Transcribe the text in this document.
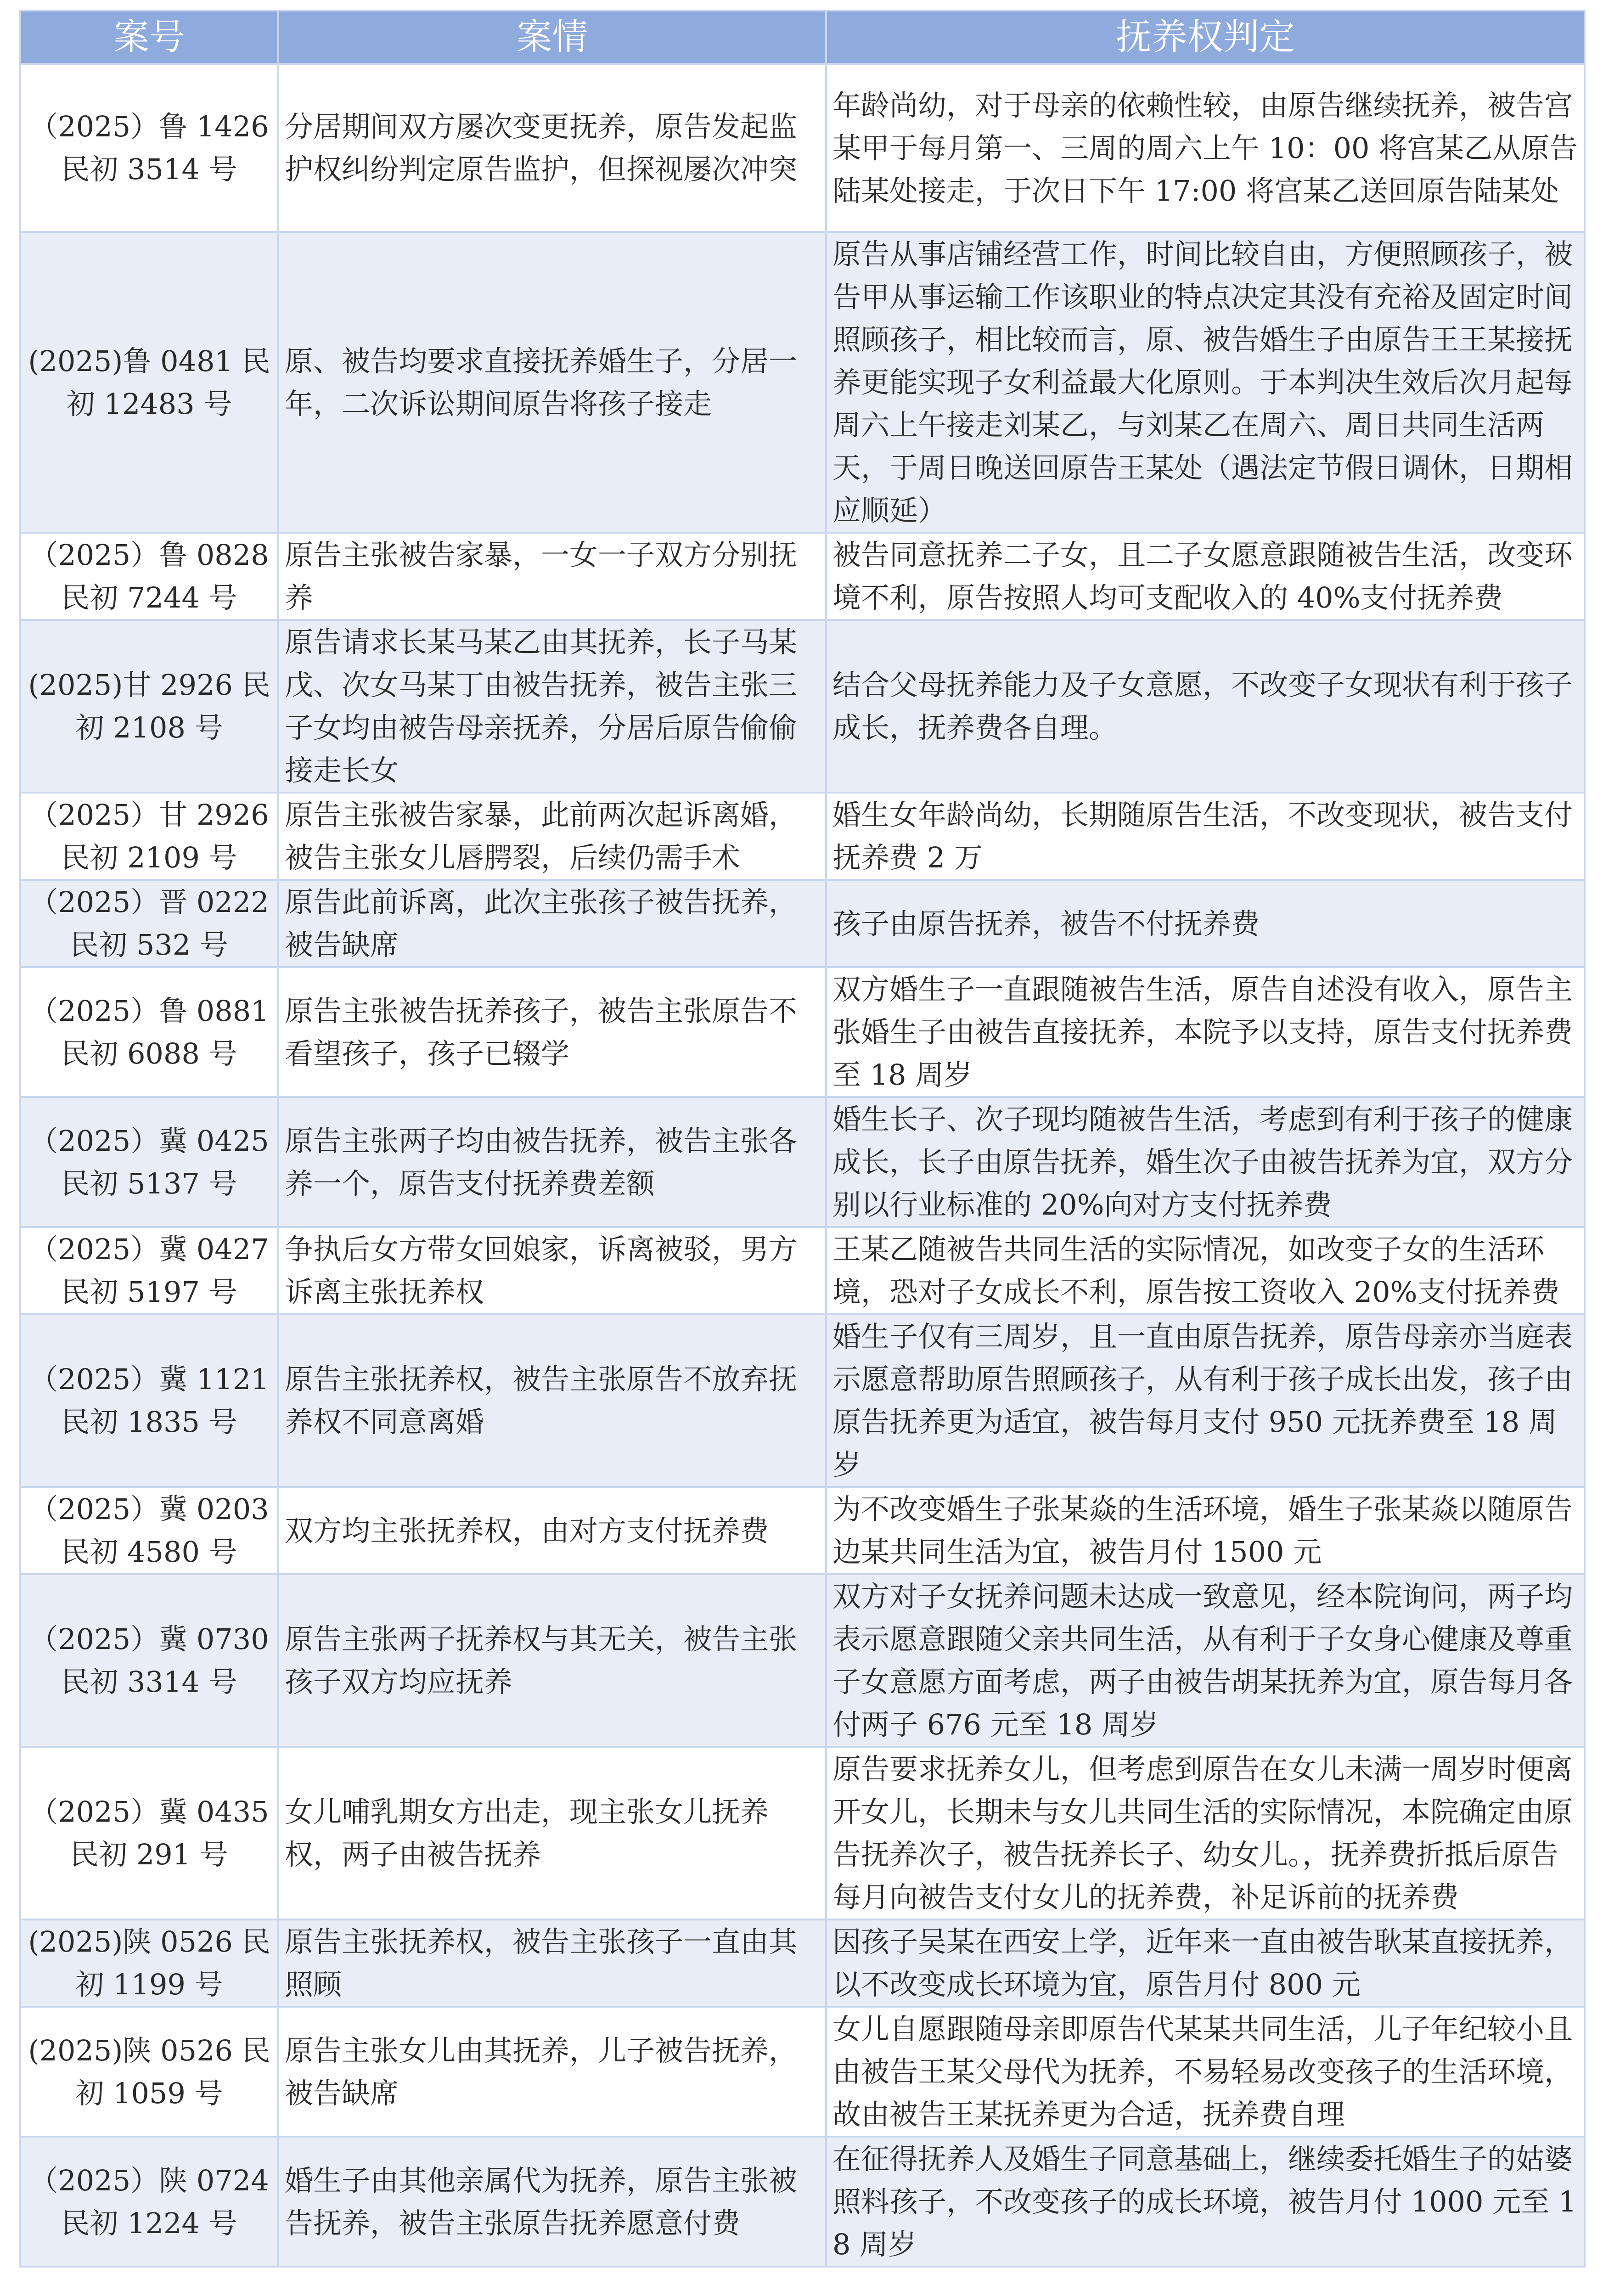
案号	案情	抚养权判定
（2025）鲁 1426 民初 3514 号	分居期间双方屡次变更抚养，原告发起监护权纠纷判定原告监护，但探视屡次冲突	年龄尚幼，对于母亲的依赖性较，由原告继续抚养，被告宫某甲于每月第一、三周的周六上午 10：00 将宫某乙从原告陆某处接走，于次日下午 17:00 将宫某乙送回原告陆某处
(2025)鲁 0481 民初 12483 号	原、被告均要求直接抚养婚生子，分居一年，二次诉讼期间原告将孩子接走	原告从事店铺经营工作，时间比较自由，方便照顾孩子，被告甲从事运输工作该职业的特点决定其没有充裕及固定时间照顾孩子，相比较而言，原、被告婚生子由原告王王某接抚养更能实现子女利益最大化原则。于本判决生效后次月起每周六上午接走刘某乙，与刘某乙在周六、周日共同生活两天，于周日晚送回原告王某处（遇法定节假日调休，日期相应顺延）
（2025）鲁 0828 民初 7244 号	原告主张被告家暴，一女一子双方分别抚养	被告同意抚养二子女，且二子女愿意跟随被告生活，改变环境不利，原告按照人均可支配收入的 40%支付抚养费
(2025)甘 2926 民初 2108 号	原告请求长某马某乙由其抚养，长子马某戊、次女马某丁由被告抚养，被告主张三子女均由被告母亲抚养，分居后原告偷偷接走长女	结合父母抚养能力及子女意愿，不改变子女现状有利于孩子成长，抚养费各自理。
（2025）甘 2926 民初 2109 号	原告主张被告家暴，此前两次起诉离婚，被告主张女儿唇腭裂，后续仍需手术	婚生女年龄尚幼，长期随原告生活，不改变现状，被告支付抚养费 2 万
（2025）晋 0222 民初 532 号	原告此前诉离，此次主张孩子被告抚养，被告缺席	孩子由原告抚养，被告不付抚养费
（2025）鲁 0881 民初 6088 号	原告主张被告抚养孩子，被告主张原告不看望孩子，孩子已辍学	双方婚生子一直跟随被告生活，原告自述没有收入，原告主张婚生子由被告直接抚养，本院予以支持，原告支付抚养费至 18 周岁
（2025）冀 0425 民初 5137 号	原告主张两子均由被告抚养，被告主张各养一个，原告支付抚养费差额	婚生长子、次子现均随被告生活，考虑到有利于孩子的健康成长，长子由原告抚养，婚生次子由被告抚养为宜，双方分别以行业标准的 20%向对方支付抚养费
（2025）冀 0427 民初 5197 号	争执后女方带女回娘家，诉离被驳，男方诉离主张抚养权	王某乙随被告共同生活的实际情况，如改变子女的生活环境，恐对子女成长不利，原告按工资收入 20%支付抚养费
（2025）冀 1121 民初 1835 号	原告主张抚养权，被告主张原告不放弃抚养权不同意离婚	婚生子仅有三周岁，且一直由原告抚养，原告母亲亦当庭表示愿意帮助原告照顾孩子，从有利于孩子成长出发，孩子由原告抚养更为适宜，被告每月支付 950 元抚养费至 18 周岁
（2025）冀 0203 民初 4580 号	双方均主张抚养权，由对方支付抚养费	为不改变婚生子张某焱的生活环境，婚生子张某焱以随原告边某共同生活为宜，被告月付 1500 元
（2025）冀 0730 民初 3314 号	原告主张两子抚养权与其无关，被告主张孩子双方均应抚养	双方对子女抚养问题未达成一致意见，经本院询问，两子均表示愿意跟随父亲共同生活，从有利于子女身心健康及尊重子女意愿方面考虑，两子由被告胡某抚养为宜，原告每月各付两子 676 元至 18 周岁
（2025）冀 0435 民初 291 号	女儿哺乳期女方出走，现主张女儿抚养权，两子由被告抚养	原告要求抚养女儿，但考虑到原告在女儿未满一周岁时便离开女儿，长期未与女儿共同生活的实际情况，本院确定由原告抚养次子，被告抚养长子、幼女儿。，抚养费折抵后原告每月向被告支付女儿的抚养费，补足诉前的抚养费
(2025)陕 0526 民初 1199 号	原告主张抚养权，被告主张孩子一直由其照顾	因孩子吴某在西安上学，近年来一直由被告耿某直接抚养，以不改变成长环境为宜，原告月付 800 元
(2025)陕 0526 民初 1059 号	原告主张女儿由其抚养，儿子被告抚养，被告缺席	女儿自愿跟随母亲即原告代某某共同生活，儿子年纪较小且由被告王某父母代为抚养，不易轻易改变孩子的生活环境，故由被告王某抚养更为合适，抚养费自理
（2025）陕 0724 民初 1224 号	婚生子由其他亲属代为抚养，原告主张被告抚养，被告主张原告抚养愿意付费	在征得抚养人及婚生子同意基础上，继续委托婚生子的姑婆照料孩子，不改变孩子的成长环境，被告月付 1000 元至 18 周岁
